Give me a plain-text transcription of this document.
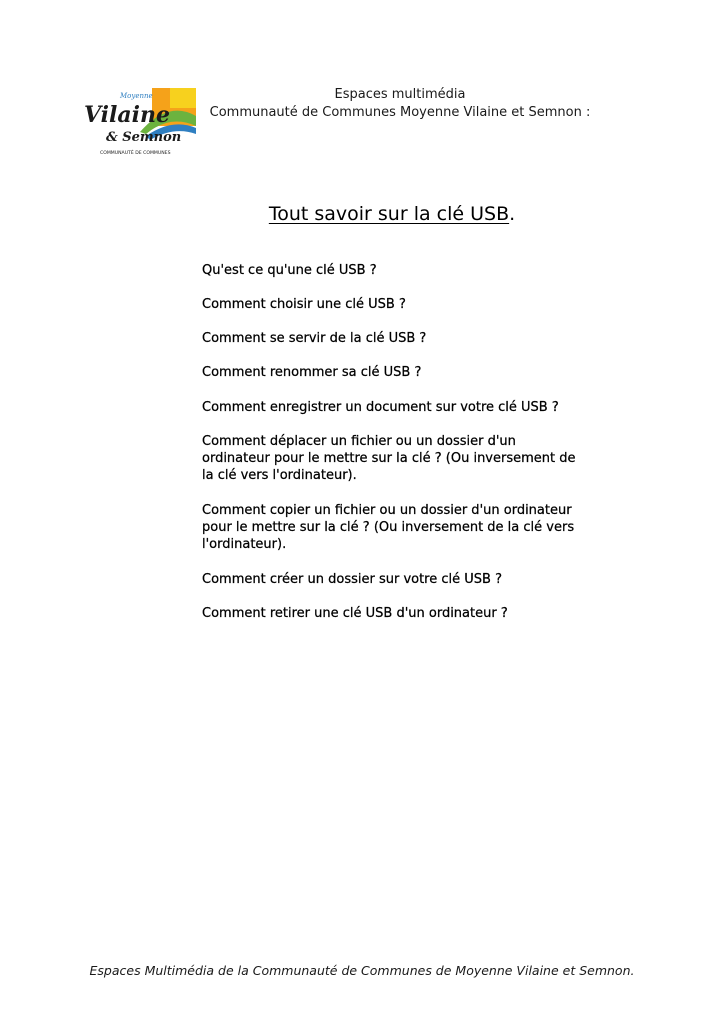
Moyenne
Vilaine
& Semnon
COMMUNAUTÉ DE COMMUNES
Espaces multimédia
Communauté de Communes Moyenne Vilaine et Semnon :
Tout savoir sur la clé USB.
Qu'est ce qu'une clé USB ?
Comment choisir une clé USB ?
Comment se servir de la clé USB ?
Comment renommer sa clé USB ?
Comment enregistrer un document sur votre clé USB ?
Comment déplacer un fichier ou un dossier d'un ordinateur pour le mettre sur la clé ? (Ou inversement de la clé vers l'ordinateur).
Comment copier un fichier ou un dossier d'un ordinateur pour le mettre sur la clé ? (Ou inversement de la clé vers l'ordinateur).
Comment créer un dossier sur votre clé USB ?
Comment retirer une clé USB d'un ordinateur ?
Espaces Multimédia de la Communauté de Communes de Moyenne Vilaine et Semnon.
